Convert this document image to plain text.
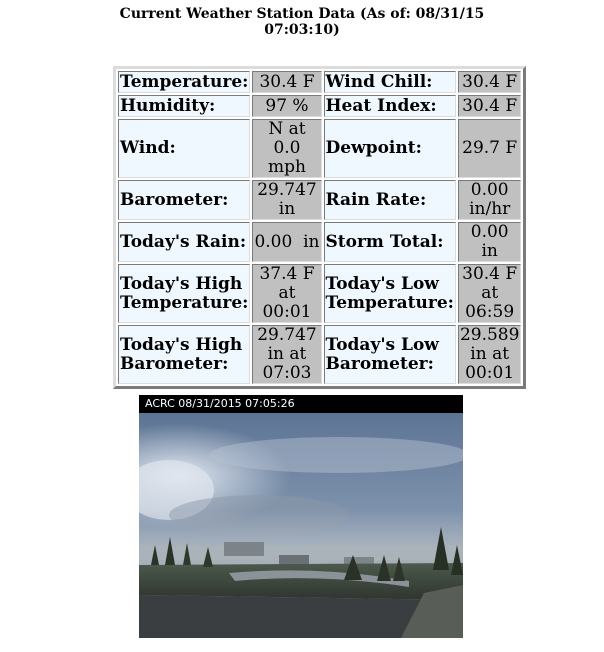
Current Weather Station Data (As of: 08/31/15
07:03:10)
Temperature:	30.4 F	Wind Chill:	30.4 F
Humidity:	97 %	Heat Index:	30.4 F
Wind:	N at 0.0 mph	Dewpoint:	29.7 F
Barometer:	29.747 in	Rain Rate:	0.00 in/hr
Today's Rain:	0.00  in	Storm Total:	0.00 in
Today's High Temperature:	37.4 F at 00:01	Today's Low Temperature:	30.4 F at 06:59
Today's High Barometer:	29.747 in at 07:03	Today's Low Barometer:	29.589 in at 00:01
ACRC 08/31/2015 07:05:26
